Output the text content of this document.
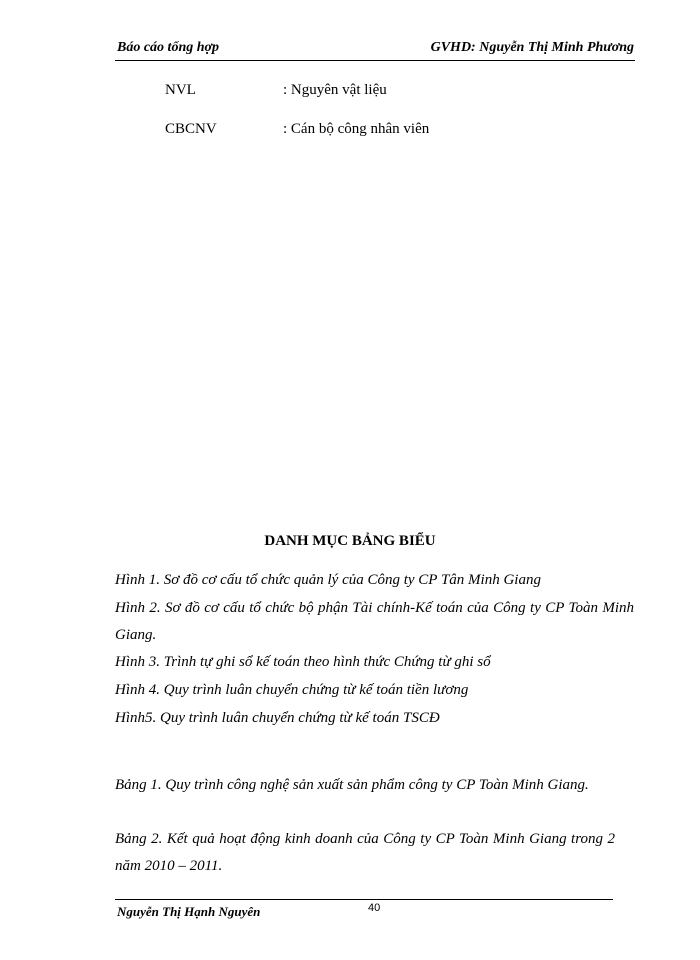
Báo cáo tổng hợp	GVHD: Nguyễn Thị Minh Phương
NVL	: Nguyên vật liệu
CBCNV	: Cán bộ công nhân viên
DANH MỤC BẢNG BIỂU
Hình 1. Sơ đồ cơ cấu tổ chức quản lý của Công ty CP Tân Minh Giang
Hình 2. Sơ đồ cơ cấu tổ chức bộ phận Tài chính-Kế toán của Công ty CP Toàn Minh Giang.
Hình 3. Trình tự ghi sổ kế toán theo hình thức Chứng từ ghi sổ
Hình 4. Quy trình luân chuyển chứng từ kế toán tiền lương
Hình5. Quy trình luân chuyển chứng từ kế toán TSCĐ
Bảng 1. Quy trình công nghệ sản xuất sản phẩm công ty CP Toàn Minh Giang.
Bảng 2. Kết quả hoạt động kinh doanh của Công ty CP Toàn Minh Giang trong 2 năm 2010 – 2011.
Nguyễn Thị Hạnh Nguyên	40
